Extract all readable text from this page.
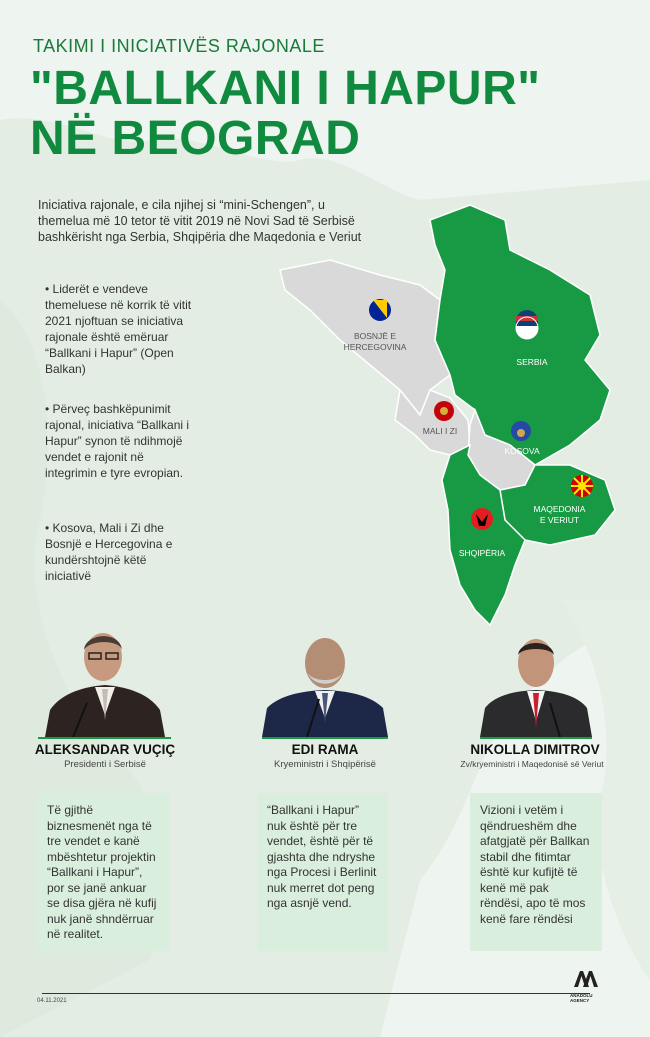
TAKIMI I INICIATIVËS RAJONALE
"BALLKANI I HAPUR"
NË BEOGRAD
Iniciativa rajonale, e cila njihej si “mini-Schengen”, u themelua më 10 tetor të vitit 2019 në Novi Sad të Serbisë bashkërisht nga Serbia, Shqipëria dhe Maqedonia e Veriut
• Liderët e vendeve themeluese në korrik të vitit 2021 njoftuan se iniciativa rajonale është emëruar “Ballkani i Hapur” (Open Balkan)
• Përveç bashkëpunimit rajonal, iniciativa “Ballkani i Hapur” synon të ndihmojë vendet e rajonit në integrimin e tyre evropian.
• Kosova, Mali i Zi dhe Bosnjë e Hercegovina e kundërshtojnë këtë iniciativë
BOSNJË E
HERCEGOVINA
SERBIA
MALI I ZI
KOSOVA
MAQEDONIA
E VERIUT
SHQIPËRIA
ALEKSANDAR VUÇIÇ
Presidenti i Serbisë
EDI RAMA
Kryeministri i Shqipërisë
NIKOLLA DIMITROV
Zv/kryeministri i Maqedonisë së Veriut
Të gjithë biznesmenët nga të tre vendet e kanë mbështetur projektin “Ballkani i Hapur”, por se janë ankuar se disa gjëra në kufij nuk janë shndërruar në realitet.
“Ballkani i Hapur” nuk është për tre vendet, është për të gjashta dhe ndryshe nga Procesi i Berlinit nuk merret dot peng nga asnjë vend.
Vizioni i vetëm i qëndrueshëm dhe afatgjatë për Ballkan stabil dhe fitimtar është kur kufijtë të kenë më pak rëndësi, apo të mos kenë fare rëndësi
04.11.2021
ANADOLU AGENCY
